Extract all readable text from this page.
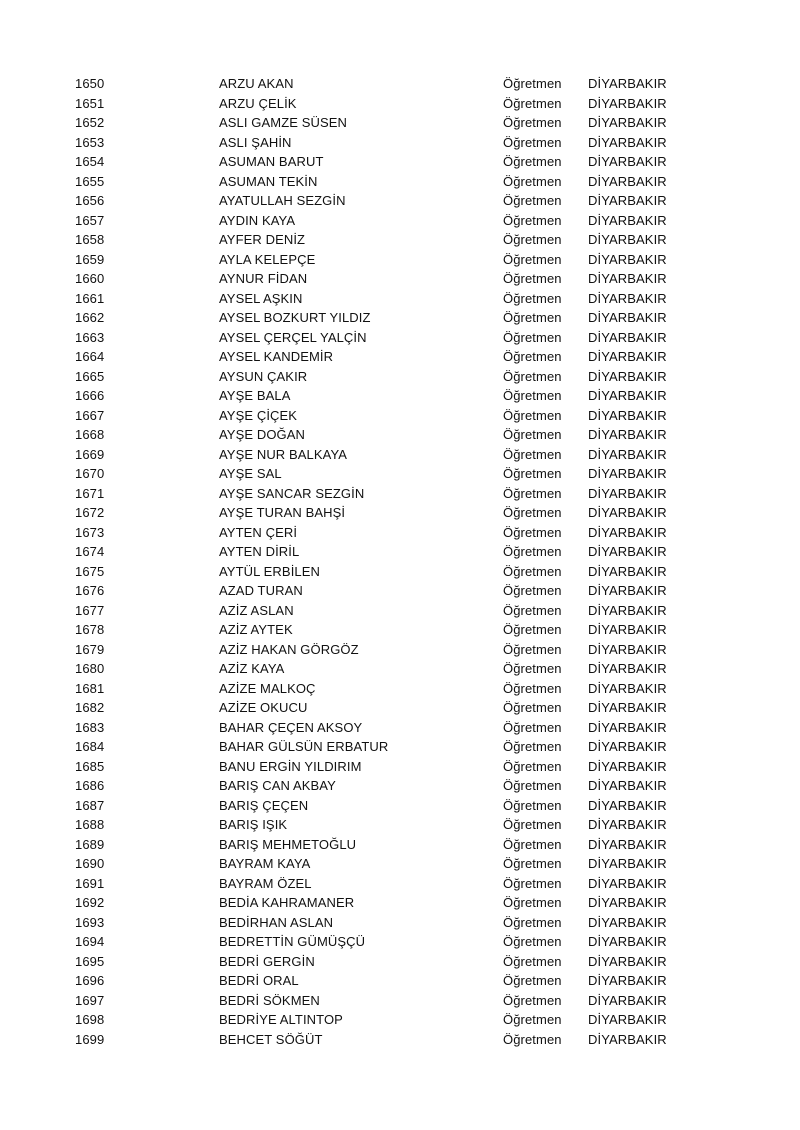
1650	ARZU AKAN	Öğretmen DİYARBAKIR
1651	ARZU ÇELİK	Öğretmen DİYARBAKIR
1652	ASLI GAMZE SÜSEN	Öğretmen DİYARBAKIR
1653	ASLI ŞAHİN	Öğretmen DİYARBAKIR
1654	ASUMAN BARUT	Öğretmen DİYARBAKIR
1655	ASUMAN TEKİN	Öğretmen DİYARBAKIR
1656	AYATULLAH SEZGİN	Öğretmen DİYARBAKIR
1657	AYDIN KAYA	Öğretmen DİYARBAKIR
1658	AYFER DENİZ	Öğretmen DİYARBAKIR
1659	AYLA KELEPÇE	Öğretmen DİYARBAKIR
1660	AYNUR FİDAN	Öğretmen DİYARBAKIR
1661	AYSEL AŞKIN	Öğretmen DİYARBAKIR
1662	AYSEL BOZKURT YILDIZ	Öğretmen DİYARBAKIR
1663	AYSEL ÇERÇEL YALÇİN	Öğretmen DİYARBAKIR
1664	AYSEL KANDEMİR	Öğretmen DİYARBAKIR
1665	AYSUN ÇAKIR	Öğretmen DİYARBAKIR
1666	AYŞE BALA	Öğretmen DİYARBAKIR
1667	AYŞE ÇİÇEK	Öğretmen DİYARBAKIR
1668	AYŞE DOĞAN	Öğretmen DİYARBAKIR
1669	AYŞE NUR BALKAYA	Öğretmen DİYARBAKIR
1670	AYŞE SAL	Öğretmen DİYARBAKIR
1671	AYŞE SANCAR SEZGİN	Öğretmen DİYARBAKIR
1672	AYŞE TURAN BAHŞİ	Öğretmen DİYARBAKIR
1673	AYTEN ÇERİ	Öğretmen DİYARBAKIR
1674	AYTEN DİRİL	Öğretmen DİYARBAKIR
1675	AYTÜL ERBİLEN	Öğretmen DİYARBAKIR
1676	AZAD TURAN	Öğretmen DİYARBAKIR
1677	AZİZ ASLAN	Öğretmen DİYARBAKIR
1678	AZİZ AYTEK	Öğretmen DİYARBAKIR
1679	AZİZ HAKAN GÖRGÖZ	Öğretmen DİYARBAKIR
1680	AZİZ KAYA	Öğretmen DİYARBAKIR
1681	AZİZE MALKOÇ	Öğretmen DİYARBAKIR
1682	AZİZE OKUCU	Öğretmen DİYARBAKIR
1683	BAHAR ÇEÇEN AKSOY	Öğretmen DİYARBAKIR
1684	BAHAR GÜLSÜN ERBATUR	Öğretmen DİYARBAKIR
1685	BANU ERGİN YILDIRIM	Öğretmen DİYARBAKIR
1686	BARIŞ CAN AKBAY	Öğretmen DİYARBAKIR
1687	BARIŞ ÇEÇEN	Öğretmen DİYARBAKIR
1688	BARIŞ IŞIK	Öğretmen DİYARBAKIR
1689	BARIŞ MEHMETOĞLU	Öğretmen DİYARBAKIR
1690	BAYRAM KAYA	Öğretmen DİYARBAKIR
1691	BAYRAM ÖZEL	Öğretmen DİYARBAKIR
1692	BEDİA KAHRAMANER	Öğretmen DİYARBAKIR
1693	BEDİRHAN ASLAN	Öğretmen DİYARBAKIR
1694	BEDRETTİN GÜMÜŞÇÜ	Öğretmen DİYARBAKIR
1695	BEDRİ GERGİN	Öğretmen DİYARBAKIR
1696	BEDRİ ORAL	Öğretmen DİYARBAKIR
1697	BEDRİ SÖKMEN	Öğretmen DİYARBAKIR
1698	BEDRİYE ALTINTOP	Öğretmen DİYARBAKIR
1699	BEHCET SÖĞÜT	Öğretmen DİYARBAKIR
